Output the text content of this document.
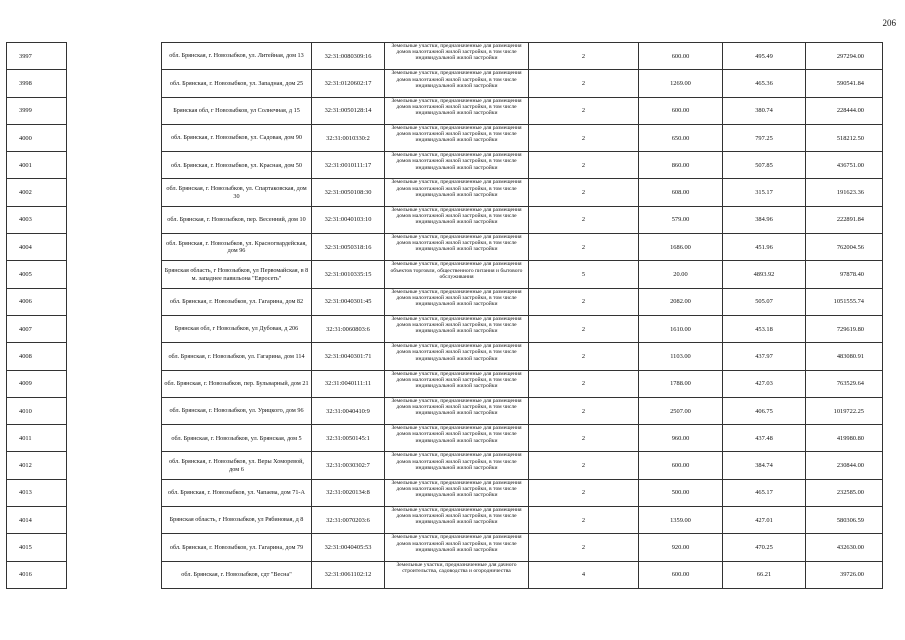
206
3997		обл. Брянская, г. Новозыбков, ул. Литейная, дом 13	32:31:0080309:16	Земельные участки, предназначенные для размещения домов малоэтажной жилой застройки, в том числе индивидуальной жилой застройки	2	600.00	495.49	297294.00
3998		обл. Брянская, г. Новозыбков, ул. Западная, дом 25	32:31:0120602:17	Земельные участки, предназначенные для размещения домов малоэтажной жилой застройки, в том числе индивидуальной жилой застройки	2	1269.00	465.36	590541.84
3999		Брянская обл, г Новозыбков, ул Солнечная, д 15	32:31:0050128:14	Земельные участки, предназначенные для размещения домов малоэтажной жилой застройки, в том числе индивидуальной жилой застройки	2	600.00	380.74	228444.00
4000		обл. Брянская, г. Новозыбков, ул. Садовая, дом 90	32:31:0010330:2	Земельные участки, предназначенные для размещения домов малоэтажной жилой застройки, в том числе индивидуальной жилой застройки	2	650.00	797.25	518212.50
4001		обл. Брянская, г. Новозыбков, ул. Красная, дом 50	32:31:0010111:17	Земельные участки, предназначенные для размещения домов малоэтажной жилой застройки, в том числе индивидуальной жилой застройки	2	860.00	507.85	436751.00
4002		обл. Брянская, г. Новозыбков, ул. Спартаковская, дом 30	32:31:0050108:30	Земельные участки, предназначенные для размещения домов малоэтажной жилой застройки, в том числе индивидуальной жилой застройки	2	608.00	315.17	191623.36
4003		обл. Брянская, г. Новозыбков, пер. Весенний, дом 10	32:31:0040103:10	Земельные участки, предназначенные для размещения домов малоэтажной жилой застройки, в том числе индивидуальной жилой застройки	2	579.00	384.96	222891.84
4004		обл. Брянская, г. Новозыбков, ул. Красногвардейская, дом 96	32:31:0050318:16	Земельные участки, предназначенные для размещения домов малоэтажной жилой застройки, в том числе индивидуальной жилой застройки	2	1686.00	451.96	762004.56
4005		Брянская область, г Новозыбков, ул Первомайская, в 8 м. западнее павильона "Евросеть"	32:31:0010335:15	Земельные участки, предназначенные для размещения объектов торговли, общественного питания и бытового обслуживания	5	20.00	4893.92	97878.40
4006		обл. Брянская, г. Новозыбков, ул. Гагарина, дом 82	32:31:0040301:45	Земельные участки, предназначенные для размещения домов малоэтажной жилой застройки, в том числе индивидуальной жилой застройки	2	2082.00	505.07	1051555.74
4007		Брянская обл, г Новозыбков, ул Дубовая, д 206	32:31:0060803:6	Земельные участки, предназначенные для размещения домов малоэтажной жилой застройки, в том числе индивидуальной жилой застройки	2	1610.00	453.18	729619.80
4008		обл. Брянская, г. Новозыбков, ул. Гагарина, дом 114	32:31:0040301:71	Земельные участки, предназначенные для размещения домов малоэтажной жилой застройки, в том числе индивидуальной жилой застройки	2	1103.00	437.97	483080.91
4009		обл. Брянская, г. Новозыбков, пер. Бульварный, дом 21	32:31:0040111:11	Земельные участки, предназначенные для размещения домов малоэтажной жилой застройки, в том числе индивидуальной жилой застройки	2	1788.00	427.03	763529.64
4010		обл. Брянская, г. Новозыбков, ул. Урицкого, дом 96	32:31:0040410:9	Земельные участки, предназначенные для размещения домов малоэтажной жилой застройки, в том числе индивидуальной жилой застройки	2	2507.00	406.75	1019722.25
4011		обл. Брянская, г. Новозыбков, ул. Брянская, дом 5	32:31:0050145:1	Земельные участки, предназначенные для размещения домов малоэтажной жилой застройки, в том числе индивидуальной жилой застройки	2	960.00	437.48	419980.80
4012		обл. Брянская, г. Новозыбков, ул. Веры Хоморевой, дом 6	32:31:0030302:7	Земельные участки, предназначенные для размещения домов малоэтажной жилой застройки, в том числе индивидуальной жилой застройки	2	600.00	384.74	230844.00
4013		обл. Брянская, г. Новозыбков, ул. Чапаева, дом 71-А	32:31:0020134:8	Земельные участки, предназначенные для размещения домов малоэтажной жилой застройки, в том числе индивидуальной жилой застройки	2	500.00	465.17	232585.00
4014		Брянская область, г Новозыбков, ул Рябиновая, д 8	32:31:0070203:6	Земельные участки, предназначенные для размещения домов малоэтажной жилой застройки, в том числе индивидуальной жилой застройки	2	1359.00	427.01	580306.59
4015		обл. Брянская, г. Новозыбков, ул. Гагарина, дом 79	32:31:0040405:53	Земельные участки, предназначенные для размещения домов малоэтажной жилой застройки, в том числе индивидуальной жилой застройки	2	920.00	470.25	432630.00
4016		обл. Брянская, г. Новозыбков, сдт "Весна"	32:31:0061102:12	Земельные участки, предназначенные для дачного строительства, садоводства и огородничества	4	600.00	66.21	39726.00
